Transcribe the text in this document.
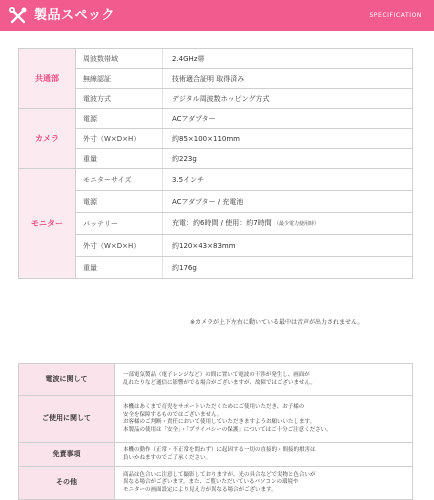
製品スペック	SPECIFICATION
共通部	周波数帯域	2.4GHz帯
	無線認証	技術適合証明 取得済み
	電波方式	デジタル周波数ホッピング方式
カメラ	電源	ACアダプター
	外寸（W×D×H）	約85×100×110mm
	重量	約223g
モニター	モニターサイズ	3.5インチ
	電源	ACアダプター / 充電池
	バッテリー	充電：約6時間 / 使用：約7時間 （最少電力使用時）
	外寸（W×D×H）	約120×43×83mm
	重量	約176g
※カメラが上下左右に動いている最中は音声が出力されません。
電波に関して	一部電気製品（電子レンジなど）の間に置いて電波の干渉が発生し、画面が
乱れたりなど通信に影響がでる場合がございますが、故障ではございません。

ご使用に関して	本機はあくまで育児をサポートいただくためにご使用いただき、お子様の
安全を保障するものではございません。
お客様のご判断・責任において使用していただきますようお願いいたします。
本製品の使用は「安全」・「プライバシーの保護」についてはご十分ご注意ください。

免責事項	本機の動作（正常・不正常を問わず）に起因する一切の直接的・間接的損害は
負いかねますのでご了承ください。

その他	商品は色合いに注意して撮影しておりますが、光の具合などで実物と色合いが
異なる場合がございます。また、ご覧いただいているパソコンの環境や
モニターの画面設定により見え方が異なる場合がございます。
